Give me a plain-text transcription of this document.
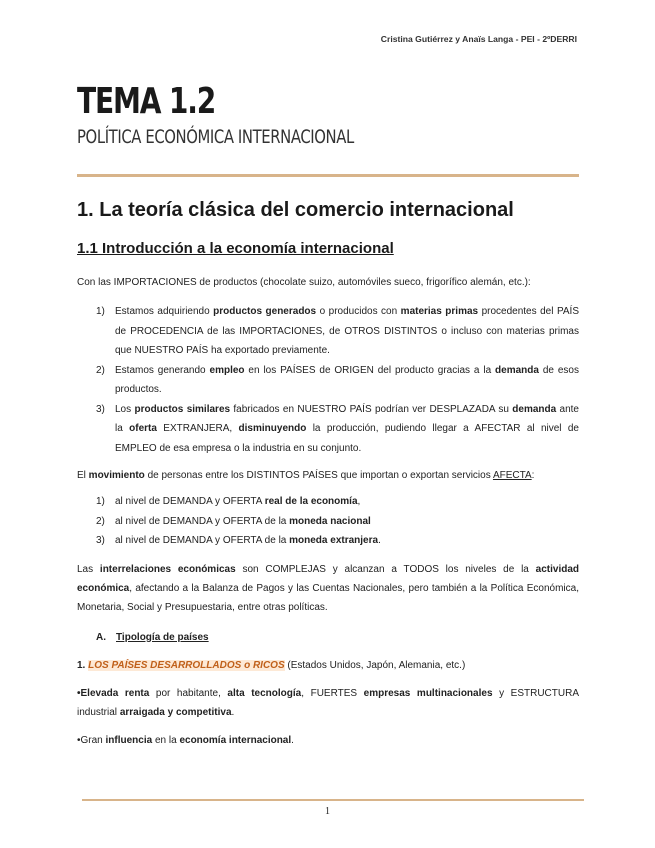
Cristina Gutiérrez y Anaïs Langa - PEI - 2ºDERRI
TEMA 1.2
POLÍTICA ECONÓMICA INTERNACIONAL
1. La teoría clásica del comercio internacional
1.1 Introducción a la economía internacional

Con las IMPORTACIONES de productos (chocolate suizo, automóviles sueco, frigorífico alemán, etc.):

1) Estamos adquiriendo productos generados o producidos con materias primas procedentes del PAÍS de PROCEDENCIA de las IMPORTACIONES, de OTROS DISTINTOS o incluso con materias primas que NUESTRO PAÍS ha exportado previamente.
2) Estamos generando empleo en los PAÍSES de ORIGEN del producto gracias a la demanda de esos productos.
3) Los productos similares fabricados en NUESTRO PAÍS podrían ver DESPLAZADA su demanda ante la oferta EXTRANJERA, disminuyendo la producción, pudiendo llegar a AFECTAR al nivel de EMPLEO de esa empresa o la industria en su conjunto.

El movimiento de personas entre los DISTINTOS PAÍSES que importan o exportan servicios AFECTA:

1) al nivel de DEMANDA y OFERTA real de la economía,
2) al nivel de DEMANDA y OFERTA de la moneda nacional
3) al nivel de DEMANDA y OFERTA de la moneda extranjera.

Las interrelaciones económicas son COMPLEJAS y alcanzan a TODOS los niveles de la actividad económica, afectando a la Balanza de Pagos y las Cuentas Nacionales, pero también a la Política Económica, Monetaria, Social y Presupuestaria, entre otras políticas.

A. Tipología de países

1. LOS PAÍSES DESARROLLADOS o RICOS (Estados Unidos, Japón, Alemania, etc.)

•Elevada renta por habitante, alta tecnología, FUERTES empresas multinacionales y ESTRUCTURA industrial arraigada y competitiva.

•Gran influencia en la economía internacional.

1
